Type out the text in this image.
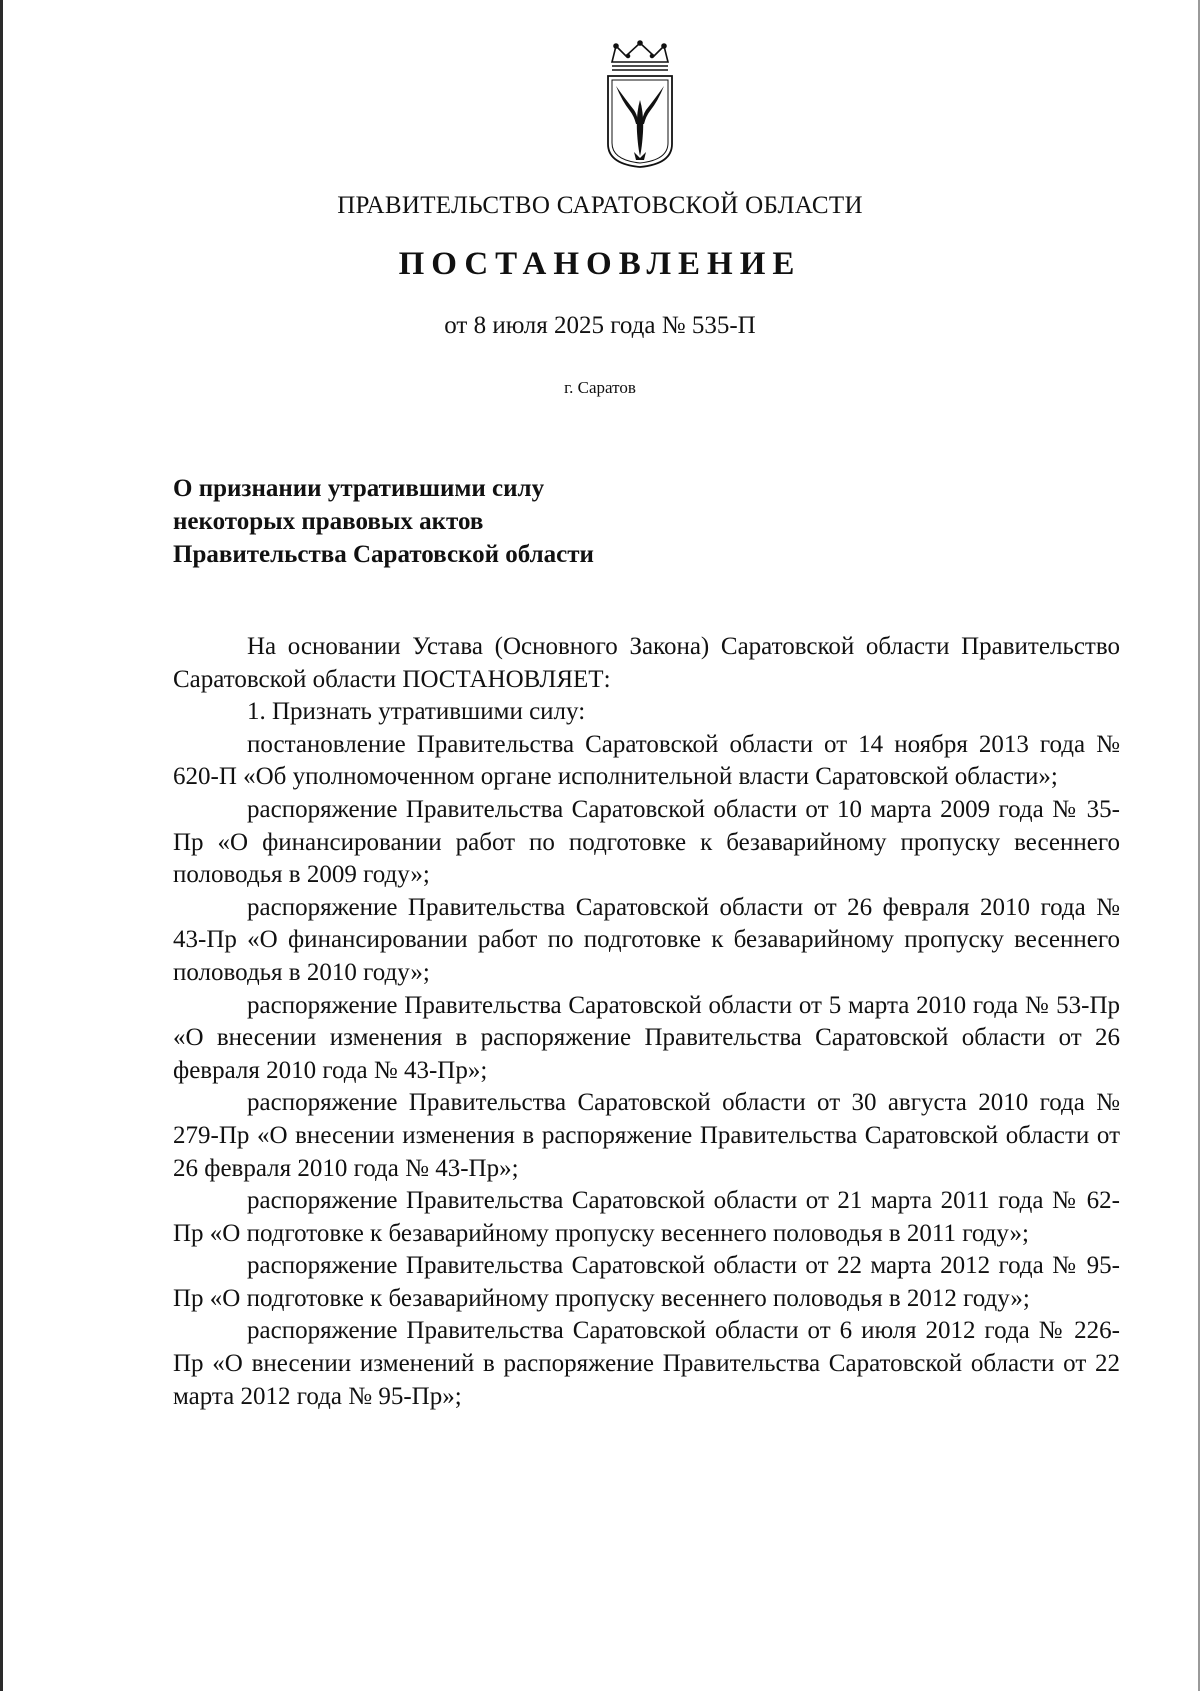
ПРАВИТЕЛЬСТВО САРАТОВСКОЙ ОБЛАСТИ
ПОСТАНОВЛЕНИЕ
от 8 июля 2025 года № 535-П
г. Саратов
О признании утратившими силу
некоторых правовых актов
Правительства Саратовской области

На основании Устава (Основного Закона) Саратовской области Правительство Саратовской области ПОСТАНОВЛЯЕТ:

1. Признать утратившими силу:

постановление Правительства Саратовской области от 14 ноября 2013 года № 620-П «Об уполномоченном органе исполнительной власти Саратовской области»;

распоряжение Правительства Саратовской области от 10 марта 2009 года № 35-Пр «О финансировании работ по подготовке к безаварийному пропуску весеннего половодья в 2009 году»;

распоряжение Правительства Саратовской области от 26 февраля 2010 года № 43-Пр «О финансировании работ по подготовке к безаварийному пропуску весеннего половодья в 2010 году»;

распоряжение Правительства Саратовской области от 5 марта 2010 года № 53-Пр «О внесении изменения в распоряжение Правительства Саратовской области от 26 февраля 2010 года № 43-Пр»;

распоряжение Правительства Саратовской области от 30 августа 2010 года № 279-Пр «О внесении изменения в распоряжение Правительства Саратовской области от 26 февраля 2010 года № 43-Пр»;

распоряжение Правительства Саратовской области от 21 марта 2011 года № 62-Пр «О подготовке к безаварийному пропуску весеннего половодья в 2011 году»;

распоряжение Правительства Саратовской области от 22 марта 2012 года № 95-Пр «О подготовке к безаварийному пропуску весеннего половодья в 2012 году»;

распоряжение Правительства Саратовской области от 6 июля 2012 года № 226-Пр «О внесении изменений в распоряжение Правительства Саратовской области от 22 марта 2012 года № 95-Пр»;
